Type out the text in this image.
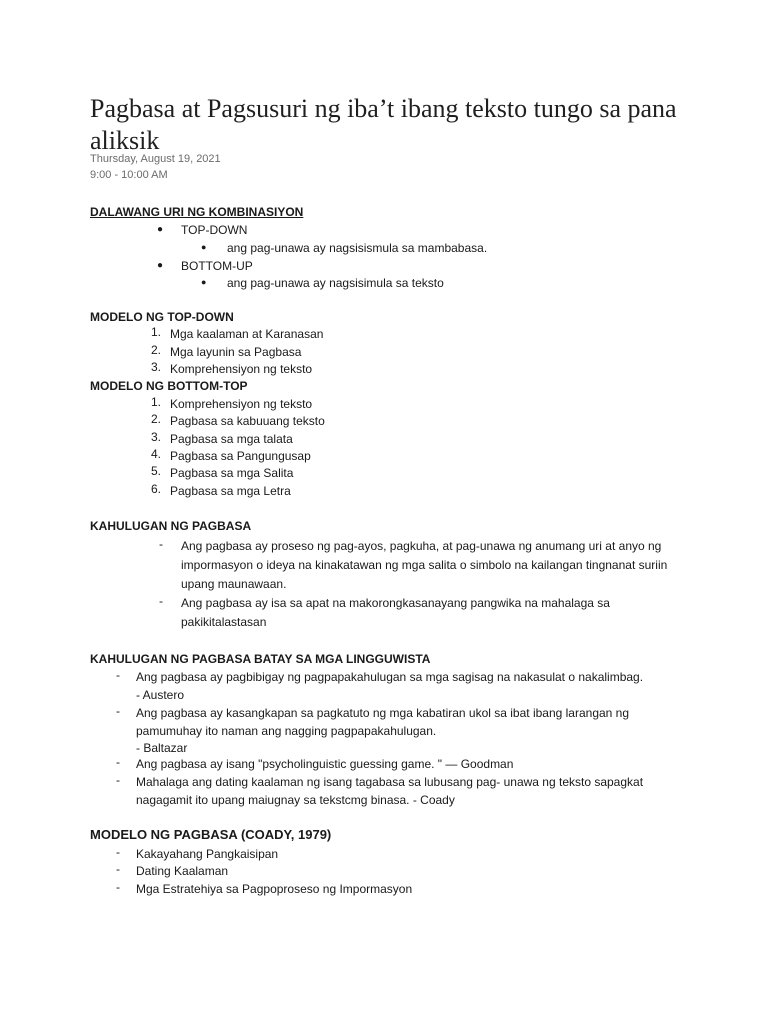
Pagbasa at Pagsusuri ng iba’t ibang teksto tungo sa pana aliksik
Thursday, August 19, 2021
9:00 - 10:00 AM
DALAWANG URI NG KOMBINASIYON
● TOP-DOWN
● ang pag-unawa ay nagsisismula sa mambabasa.
● BOTTOM-UP
● ang pag-unawa ay nagsisimula sa teksto
MODELO NG TOP-DOWN
1. Mga kaalaman at Karanasan
2. Mga layunin sa Pagbasa
3. Komprehensiyon ng teksto
MODELO NG BOTTOM-TOP
1. Komprehensiyon ng teksto
2. Pagbasa sa kabuuang teksto
3. Pagbasa sa mga talata
4. Pagbasa sa Pangungusap
5. Pagbasa sa mga Salita
6. Pagbasa sa mga Letra
KAHULUGAN NG PAGBASA
- Ang pagbasa ay proseso ng pag-ayos, pagkuha, at pag-unawa ng anumang uri at anyo ng impormasyon o ideya na kinakatawan ng mga salita o simbolo na kailangan tingnanat suriin upang maunawaan.
- Ang pagbasa ay isa sa apat na makorongkasanayang pangwika na mahalaga sa pakikitalastasan
KAHULUGAN NG PAGBASA BATAY SA MGA LINGGUWISTA
- Ang pagbasa ay pagbibigay ng pagpapakahulugan sa mga sagisag na nakasulat o nakalimbag.
- Austero
- Ang pagbasa ay kasangkapan sa pagkatuto ng mga kabatiran ukol sa ibat ibang larangan ng pamumuhay ito naman ang nagging pagpapakahulugan.
- Baltazar
- Ang pagbasa ay isang "psycholinguistic guessing game. " — Goodman
- Mahalaga ang dating kaalaman ng isang tagabasa sa lubusang pag- unawa ng teksto sapagkat nagagamit ito upang maiugnay sa tekstcmg binasa. - Coady
MODELO NG PAGBASA (COADY, 1979)
- Kakayahang Pangkaisipan
- Dating Kaalaman
- Mga Estratehiya sa Pagpoproseso ng Impormasyon
